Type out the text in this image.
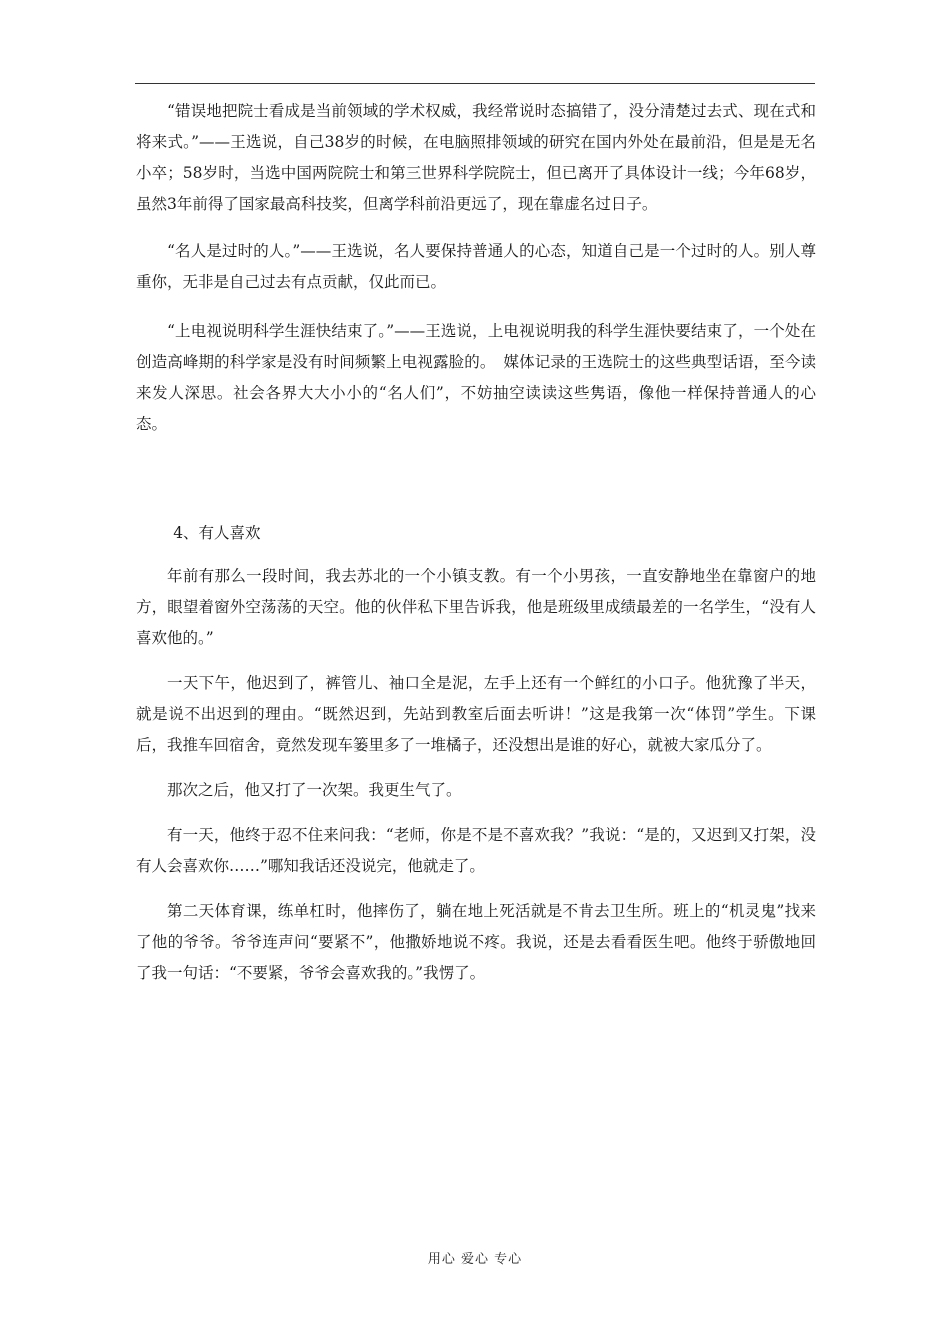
“错误地把院士看成是当前领域的学术权威，我经常说时态搞错了，没分清楚过去式、现在式和将来式。”——王选说，自己38岁的时候，在电脑照排领域的研究在国内外处在最前沿，但是是无名小卒；58岁时，当选中国两院院士和第三世界科学院院士，但已离开了具体设计一线；今年68岁，虽然3年前得了国家最高科技奖，但离学科前沿更远了，现在靠虚名过日子。

“名人是过时的人。”——王选说，名人要保持普通人的心态，知道自己是一个过时的人。别人尊重你，无非是自己过去有点贡献，仅此而已。

“上电视说明科学生涯快结束了。”——王选说，上电视说明我的科学生涯快要结束了，一个处在创造高峰期的科学家是没有时间频繁上电视露脸的。　媒体记录的王选院士的这些典型话语，至今读来发人深思。社会各界大大小小的“名人们”，不妨抽空读读这些隽语，像他一样保持普通人的心态。

4、有人喜欢

年前有那么一段时间，我去苏北的一个小镇支教。有一个小男孩，一直安静地坐在靠窗户的地方，眼望着窗外空荡荡的天空。他的伙伴私下里告诉我，他是班级里成绩最差的一名学生，“没有人喜欢他的。”

一天下午，他迟到了，裤管儿、袖口全是泥，左手上还有一个鲜红的小口子。他犹豫了半天，就是说不出迟到的理由。“既然迟到，先站到教室后面去听讲！”这是我第一次“体罚”学生。下课后，我推车回宿舍，竟然发现车篓里多了一堆橘子，还没想出是谁的好心，就被大家瓜分了。

那次之后，他又打了一次架。我更生气了。

有一天，他终于忍不住来问我：“老师，你是不是不喜欢我？”我说：“是的，又迟到又打架，没有人会喜欢你……”哪知我话还没说完，他就走了。

第二天体育课，练单杠时，他摔伤了，躺在地上死活就是不肯去卫生所。班上的“机灵鬼”找来了他的爷爷。爷爷连声问“要紧不”，他撒娇地说不疼。我说，还是去看看医生吧。他终于骄傲地回了我一句话：“不要紧，爷爷会喜欢我的。”我愣了。

用心 爱心 专心
